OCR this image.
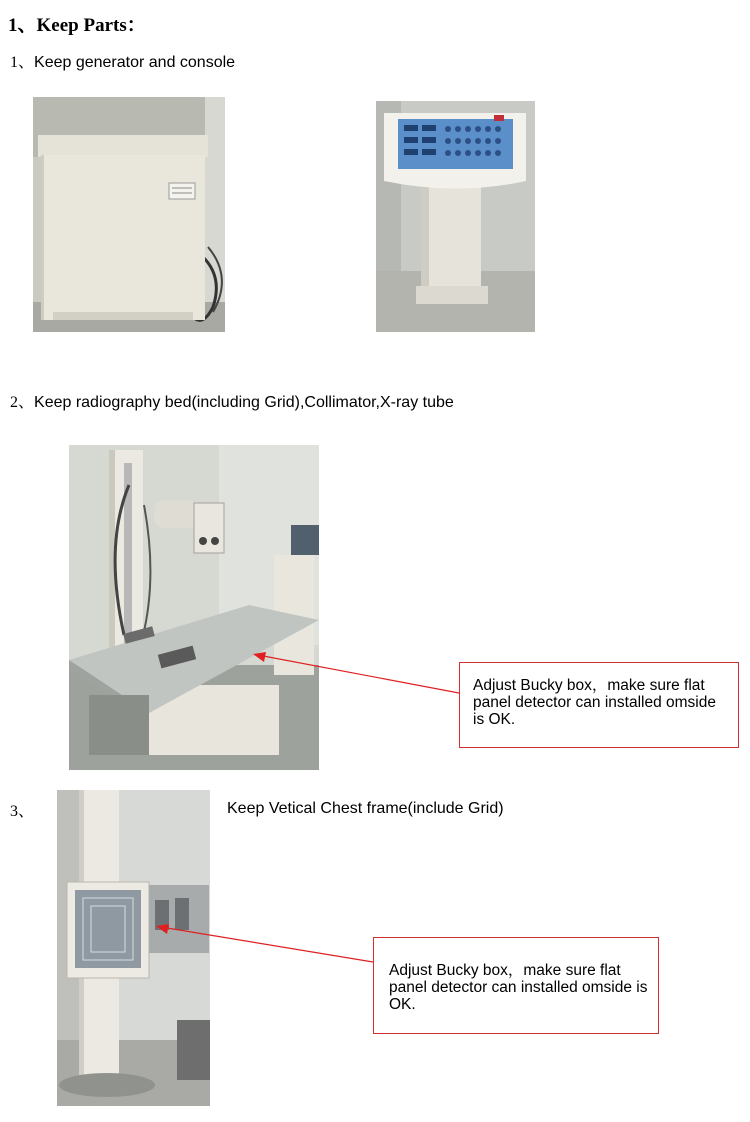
1、Keep Parts：
1、Keep generator and console
2、Keep radiography bed(including Grid),Collimator,X-ray tube
Adjust Bucky box，make sure flat panel detector can installed omside is OK.
3、	Keep Vetical Chest frame(include Grid)
Adjust Bucky box，make sure flat panel detector can installed omside is OK.
